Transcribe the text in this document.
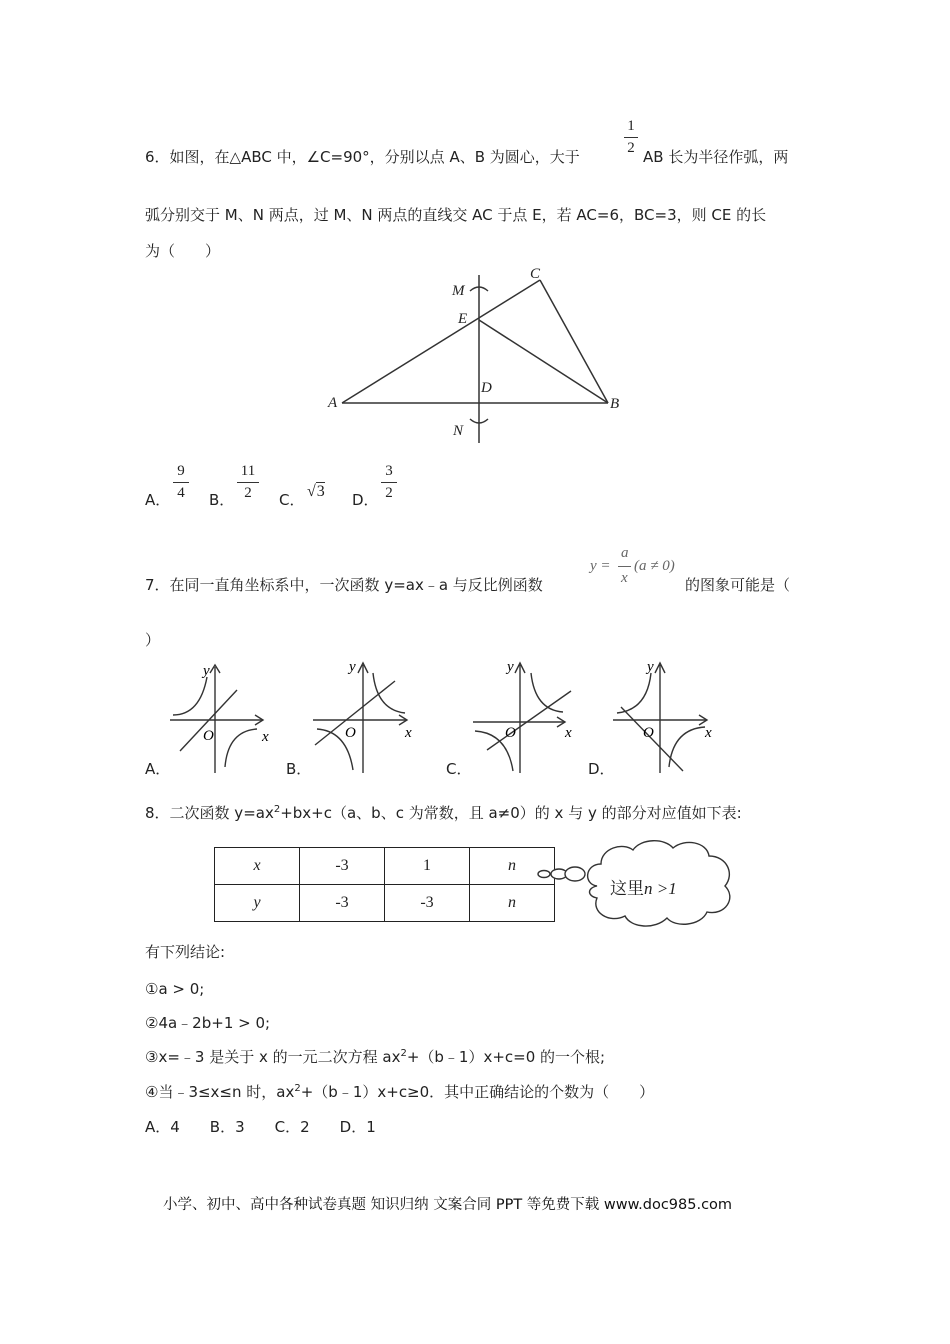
6．如图，在△ABC 中，∠C=90°，分别以点 A、B 为圆心，大于
1
2 AB 长为半径作弧，两
弧分别交于 M、N 两点，过 M、N 两点的直线交 AC 于点 E，若 AC=6，BC=3，则 CE 的长
为（　　）
C
M
E
D
A	B
N
A．
9
4 B．
11
2	C． √3 D．
3
2
7．在同一直角坐标系中，一次函数 y=ax﹣a 与反比例函数
y =
a
x
(a ≠ 0)
的图象可能是（
）
y
x
O
y
x
O
y
x
O
y
x
O
A．	B．	C．	D．
8．二次函数 $y=ax^2+bx+c(a$、b、c 为常数，且 a≠0）的 x 与 y 的部分对应值如下表:
x	-3	1	n
y	-3	-3	n
这里n >1
有下列结论:
①a > 0;
②4a﹣2b+1 > 0;
③x=﹣3 是关于 x 的一元二次方程 $ax^2+(b﹣1)x+c=0$ 的一个根;
④当﹣3≤x≤n 时，$ax^2+(b﹣1)x+c\ge 0$．其中正确结论的个数为（　　）
A．4　　B．3　　C．2　　D．1
小学、初中、高中各种试卷真题 知识归纳 文案合同 PPT 等免费下载 www.doc985.com
